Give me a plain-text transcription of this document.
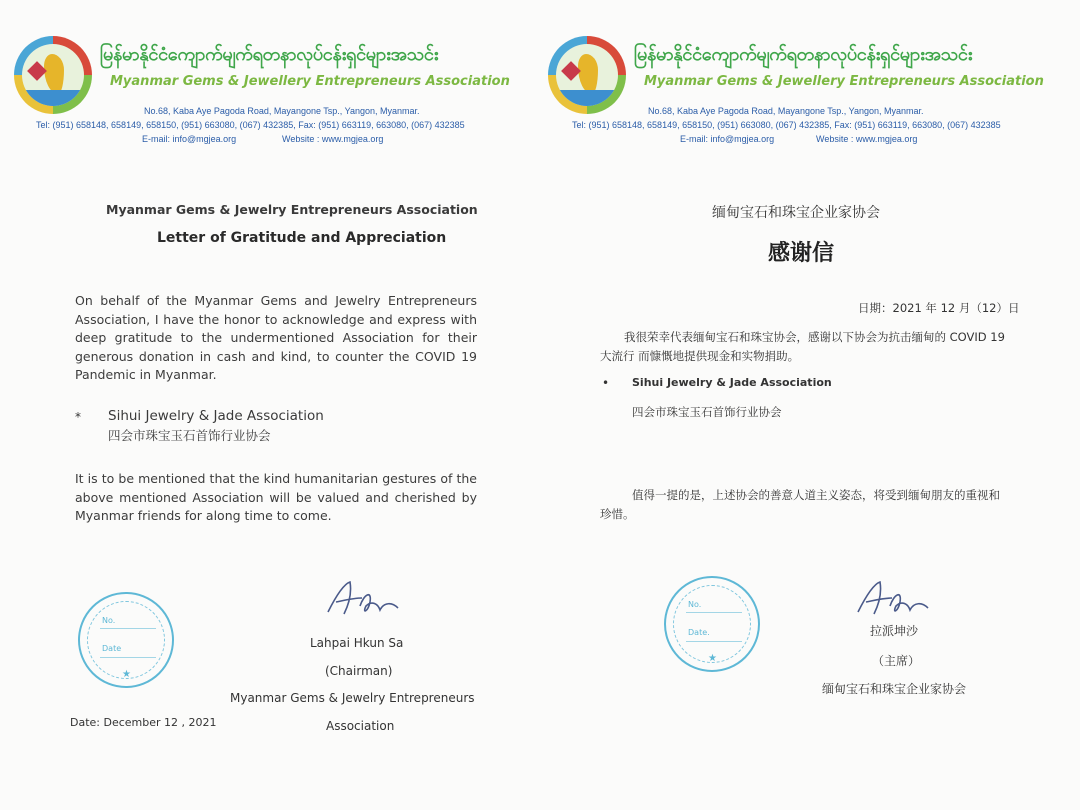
မြန်မာနိုင်ငံကျောက်မျက်ရတနာလုပ်ငန်းရှင်များအသင်း
Myanmar Gems & Jewellery Entrepreneurs Association
No.68, Kaba Aye Pagoda Road, Mayangone Tsp., Yangon, Myanmar.
Tel: (951) 658148, 658149, 658150, (951) 663080, (067) 432385, Fax: (951) 663119, 663080, (067) 432385
E-mail: info@mgjea.org	Website : www.mgjea.org
Myanmar Gems & Jewelry Entrepreneurs Association
Letter of Gratitude and Appreciation
On behalf of the Myanmar Gems and Jewelry Entrepreneurs Association, I have the honor to acknowledge and express with deep gratitude to the undermentioned Association for their generous donation in cash and kind, to counter the COVID 19 Pandemic in Myanmar.
* Sihui Jewelry & Jade Association
四会市珠宝玉石首饰行业协会
It is to be mentioned that the kind humanitarian gestures of the above mentioned Association will be valued and cherished by Myanmar friends for along time to come.
No.
Date
★
Lahpai Hkun Sa
(Chairman)
Myanmar Gems & Jewelry Entrepreneurs
Association
Date: December 12 , 2021
မြန်မာနိုင်ငံကျောက်မျက်ရတနာလုပ်ငန်းရှင်များအသင်း
Myanmar Gems & Jewellery Entrepreneurs Association
No.68, Kaba Aye Pagoda Road, Mayangone Tsp., Yangon, Myanmar.
Tel: (951) 658148, 658149, 658150, (951) 663080, (067) 432385, Fax: (951) 663119, 663080, (067) 432385
E-mail: info@mgjea.org	Website : www.mgjea.org
缅甸宝石和珠宝企业家协会
感谢信
日期：2021 年 12 月（12）日
我很荣幸代表缅甸宝石和珠宝协会，感谢以下协会为抗击缅甸的 COVID 19 大流行 而慷慨地提供现金和实物捐助。
• Sihui Jewelry & Jade Association
四会市珠宝玉石首饰行业协会
值得一提的是，上述协会的善意人道主义姿态，将受到缅甸朋友的重视和珍惜。
No.
Date.
★
拉派坤沙
（主席）
缅甸宝石和珠宝企业家协会
